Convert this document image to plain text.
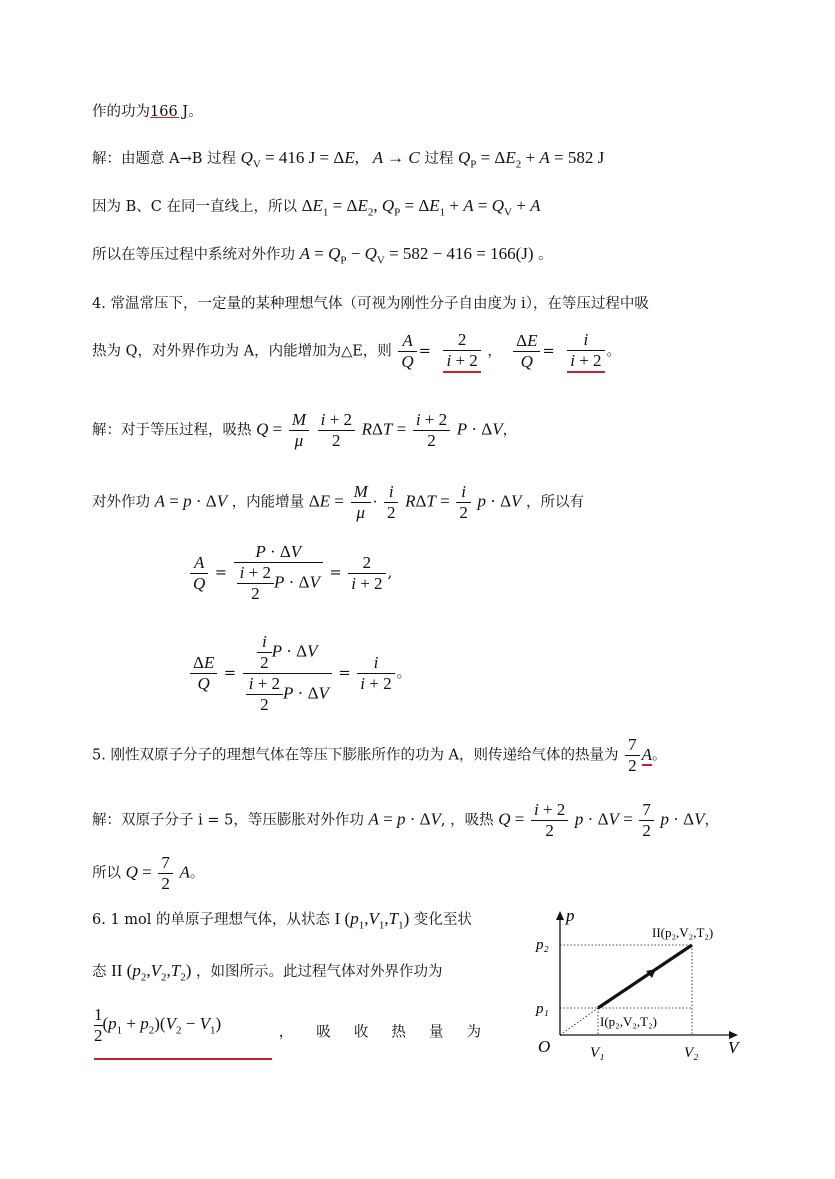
作的功为166 J。
解：由题意 A→B 过程 $Q_V = 416$ J = ΔE, A → C 过程 $Q_P = \Delta E_2 + A = 582$ J
因为 B、C 在同一直线上，所以 $\Delta E_1 = \Delta E_2$, $Q_P = \Delta E_1 + A = Q_V + A$
所以在等压过程中系统对外作功 $A = Q_P - Q_V = 582 - 416 = 166(J)$ 。
4. 常温常压下，一定量的某种理想气体（可视为刚性分子自由度为 i），在等压过程中吸
热为 Q，对外界作功为 A，内能增加为△E，则 $\frac{A}{Q} = \frac{2}{i + 2}$ ， $\frac{\Delta E}{Q} = \frac{i}{i + 2}$ 。
解：对于等压过程，吸热 $Q = \frac{M}{\mu}$
$\frac{i + 2}{2}$ $R\Delta T = \frac{i + 2}{2}$ P · ΔV，
对外作功 A = p · ΔV ，内能增量 $\Delta E = \frac{M}{\mu} \cdot \frac{i}{2}$ $R\Delta T = \frac{i}{2}$ p · ΔV ，所以有
$\frac{A}{Q} = \frac{P \cdot \Delta V}{\frac{i + 2}{2} P \cdot \Delta V} = \frac{2}{i + 2}$ ,
$\frac{\Delta E}{Q} = \frac{\frac{i}{2} P \cdot \Delta V}{\frac{i + 2}{2} P \cdot \Delta V} = \frac{i}{i + 2}$ 。
5. 刚性双原子分子的理想气体在等压下膨胀所作的功为 A，则传递给气体的热量为 $\frac{7}{2}$ A。
解：双原子分子 i = 5，等压膨胀对外作功 A = p · ΔV, ，吸热 $Q = \frac{i + 2}{2}$ $p \cdot \Delta V = \frac{7}{2}$ p · ΔV，
所以 $Q = \frac{7}{2}$ A。
6. 1 mol 的单原子理想气体，从状态 I $(p_1,V_1,T_1)$ 变化至状
态 II $(p_2,V_2,T_2)$ ，如图所示。此过程气体对外界作功为
$\frac{1}{2} (p_1 + p_2)(V_2 - V_1)$             ，     吸     收     热     量     为
p
V
O
p₂
p₁
V₁	V₂
II(p₂,V₂,T₂)
I(p₂,V₂,T₂)
